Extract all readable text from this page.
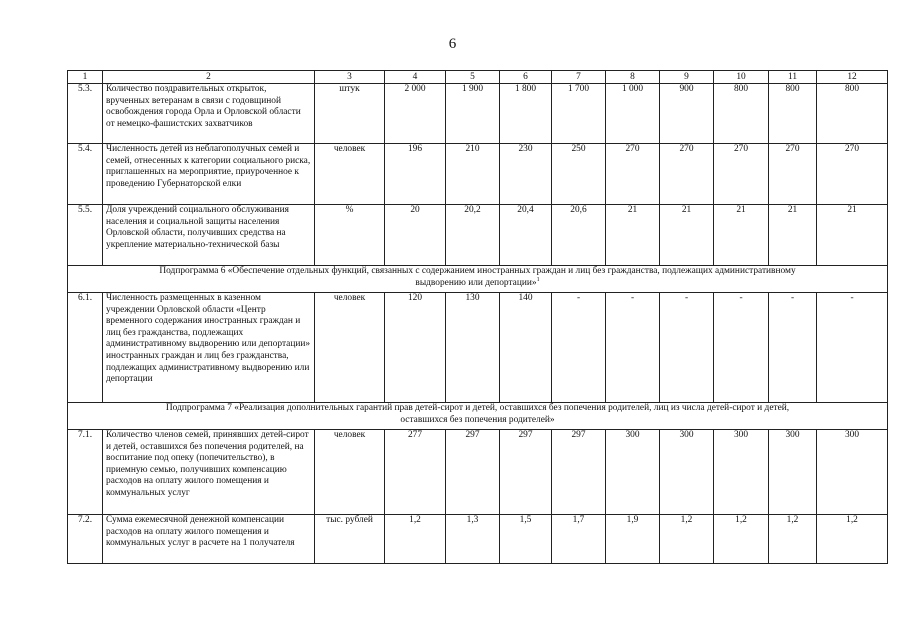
6
1	2	3	4	5	6	7	8	9	10	11	12
5.3.	Количество поздравительных открыток, врученных ветеранам в связи с годовщиной освобождения города Орла и Орловской области от немецко-фашистских захватчиков	штук	2 000	1 900	1 800	1 700	1 000	900	800	800	800
5.4.	Численность детей из неблагополучных семей и семей, отнесенных к категории социального риска, приглашенных на мероприятие, приуроченное к проведению Губернаторской елки	человек	196	210	230	250	270	270	270	270	270
5.5.	Доля учреждений социального обслуживания населения и социальной защиты населения Орловской области, получивших средства на укрепление материально-технической базы	%	20	20,2	20,4	20,6	21	21	21	21	21

Подпрограмма 6 «Обеспечение отдельных функций, связанных с содержанием иностранных граждан и лиц без гражданства, подлежащих административному
выдворению или депортации»$^1$

6.1.	Численность размещенных в казенном учреждении Орловской области «Центр временного содержания иностранных граждан и лиц без гражданства, подлежащих административному выдворению или депортации» иностранных граждан и лиц без гражданства, подлежащих административному выдворению или депортации	человек	120	130	140	-	-	-	-	-	-

Подпрограмма 7 «Реализация дополнительных гарантий прав детей-сирот и детей, оставшихся без попечения родителей, лиц из числа детей-сирот и детей,
оставшихся без попечения родителей»											

7.1.	Количество членов семей, принявших детей-сирот и детей, оставшихся без попечения родителей, на воспитание под опеку (попечительство), в приемную семью, получивших компенсацию расходов на оплату жилого помещения и коммунальных услуг	человек	277	297	297	297	300	300	300	300	300
7.2.	Сумма ежемесячной денежной компенсации расходов на оплату жилого помещения и коммунальных услуг в расчете на 1 получателя	тыс. рублей	1,2	1,3	1,5	1,7	1,9	1,2	1,2	1,2	1,2
